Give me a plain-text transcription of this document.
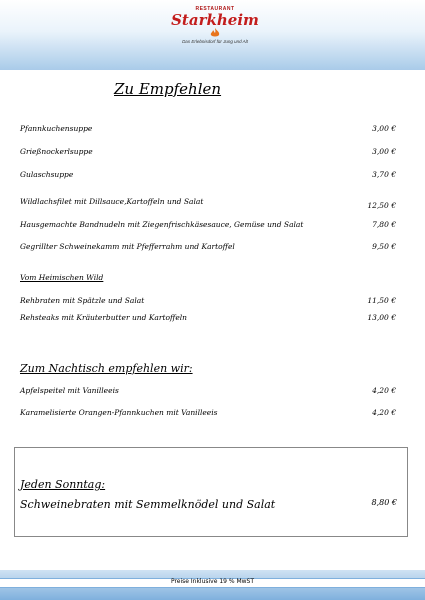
RESTAURANT
Starkheim
Das Erlebnisdorf für Jung und Alt
Zu Empfehlen
Pfannkuchensuppe	3,00 €
Grießnockerlsuppe	3,00 €
Gulaschsuppe	3,70 €
Wildlachsfilet mit Dillsauce,Kartoffeln und Salat	12,50 €
Hausgemachte Bandnudeln mit Ziegenfrischkäsesauce, Gemüse und Salat	7,80 €
Gegrillter Schweinekamm mit Pfefferrahm und Kartoffel	9,50 €
Vom Heimischen Wild
Rehbraten mit Spätzle und Salat	11,50 €
Rehsteaks mit Kräuterbutter und Kartoffeln	13,00 €
Zum Nachtisch empfehlen wir:
Apfelspeitel mit Vanilleeis	4,20 €
Karamelisierte Orangen-Pfannkuchen mit Vanilleeis	4,20 €
Jeden Sonntag:
Schweinebraten mit Semmelknödel und Salat	8,80 €
Preise Inklusive 19 % MwST
